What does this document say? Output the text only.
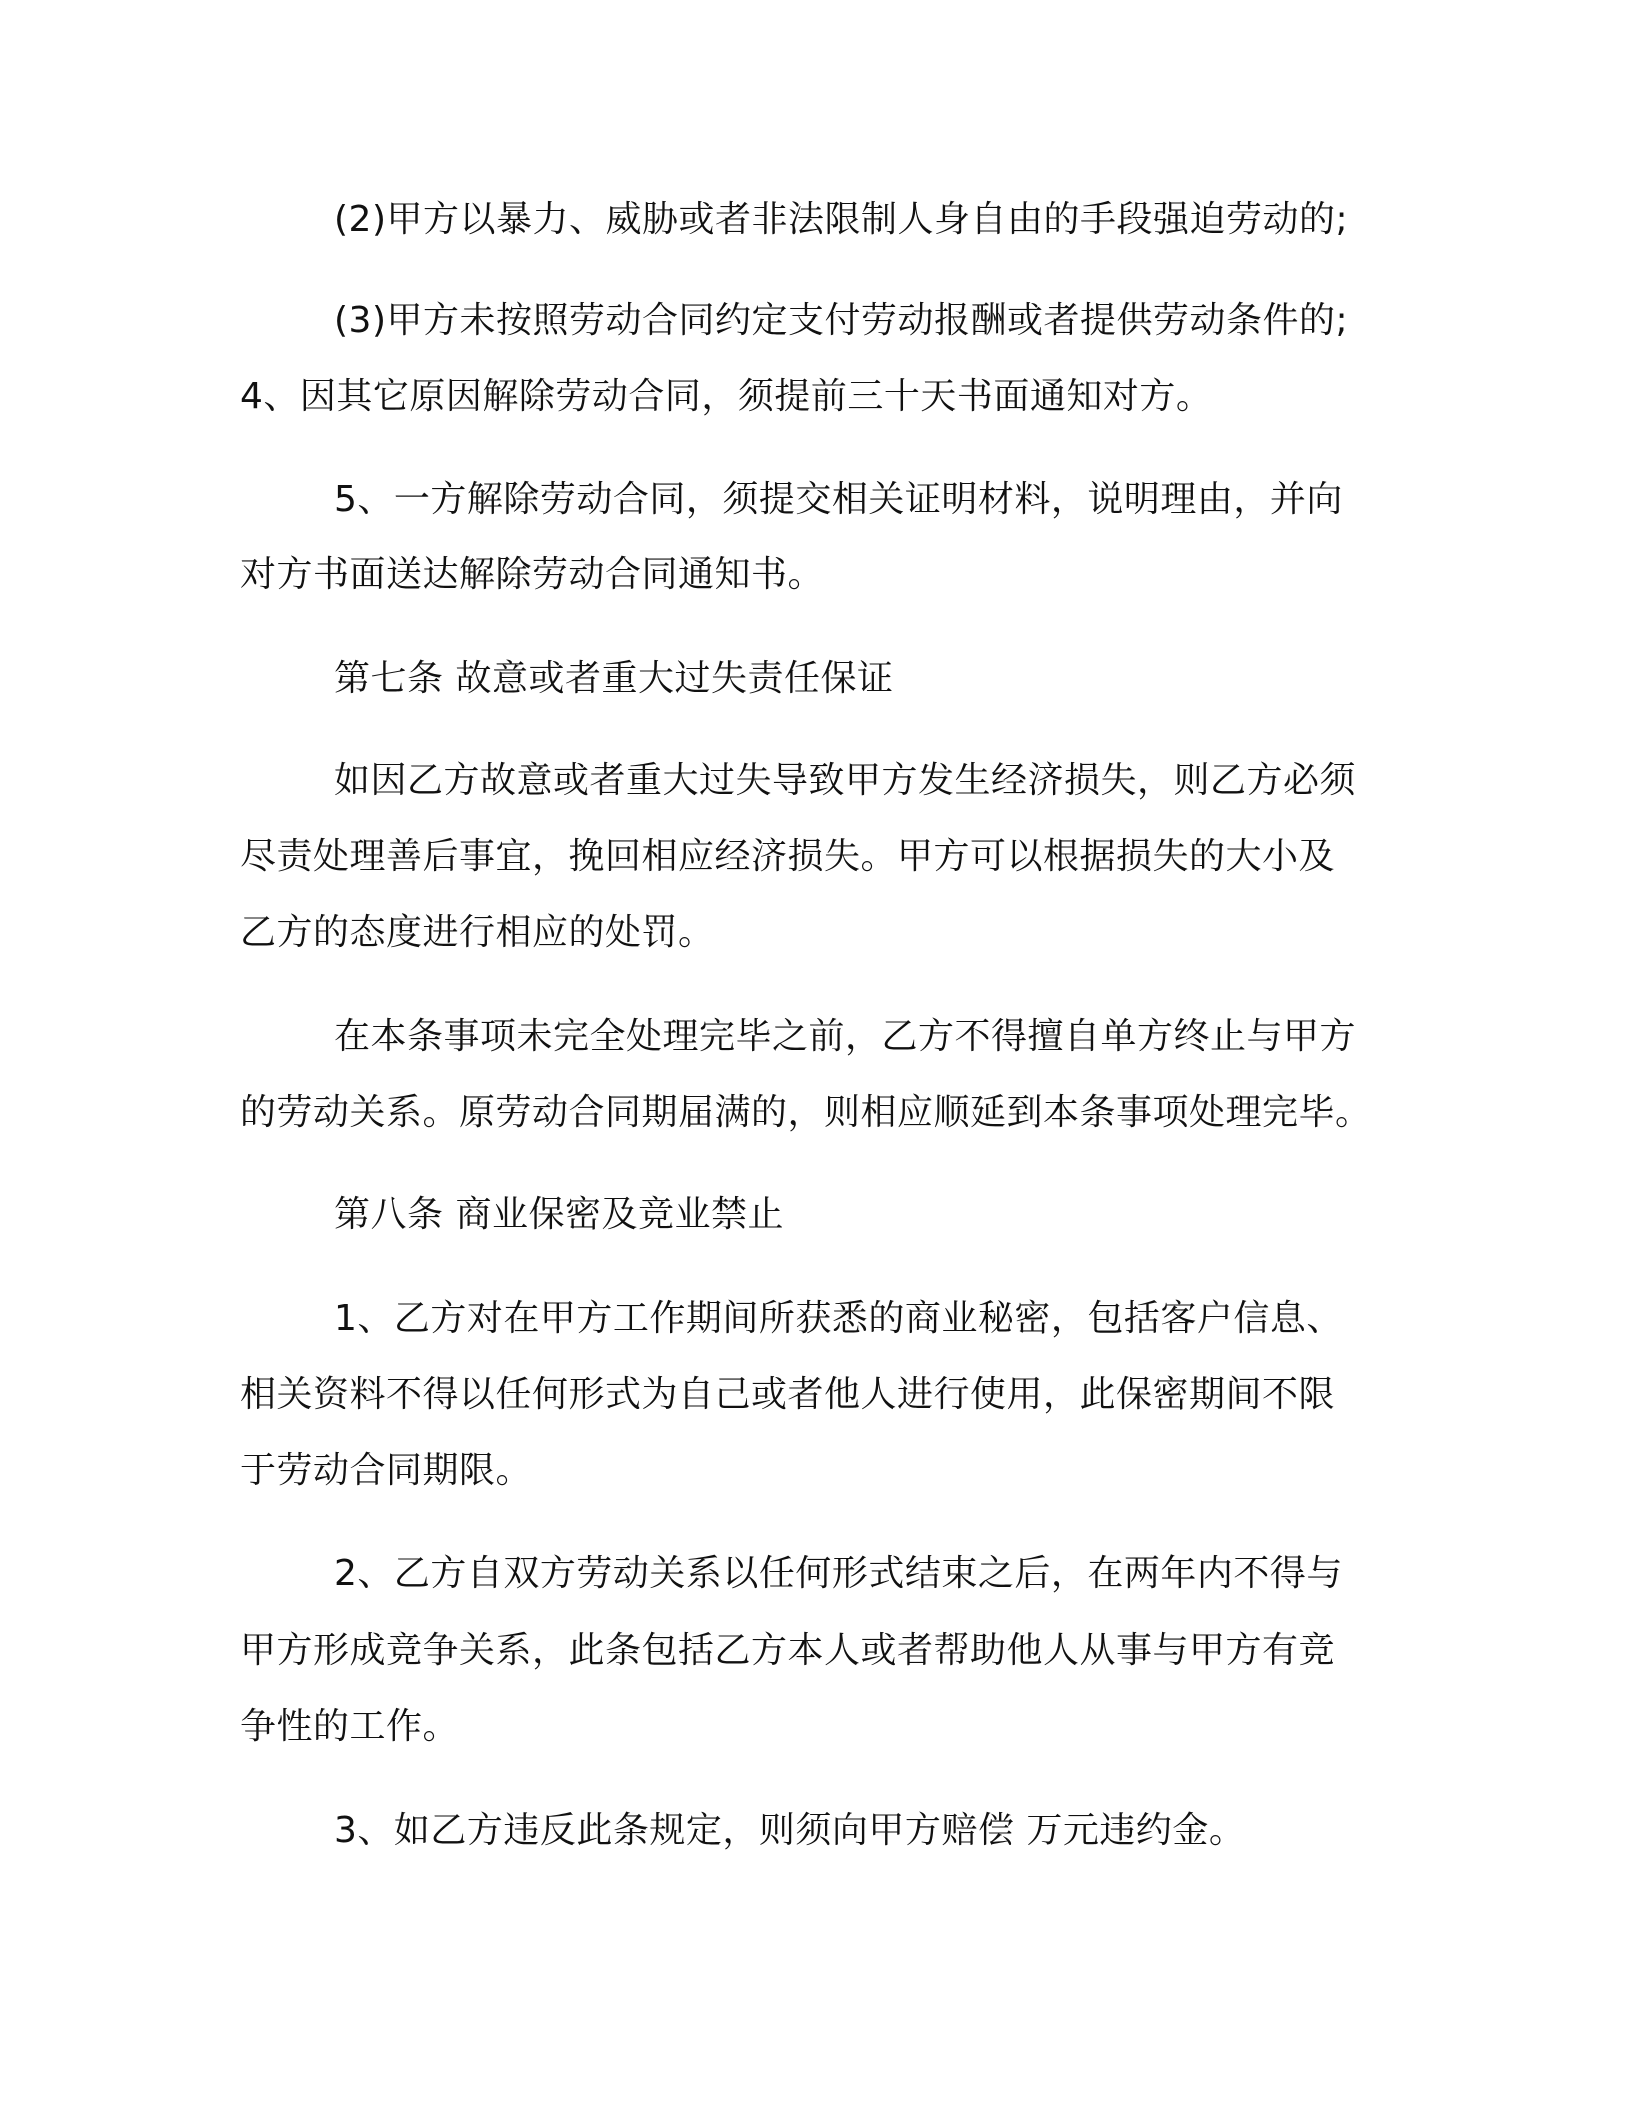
(2)甲方以暴力、威胁或者非法限制人身自由的手段强迫劳动的;
(3)甲方未按照劳动合同约定支付劳动报酬或者提供劳动条件的;
4、因其它原因解除劳动合同，须提前三十天书面通知对方。
5、一方解除劳动合同，须提交相关证明材料，说明理由，并向
对方书面送达解除劳动合同通知书。
第七条 故意或者重大过失责任保证
如因乙方故意或者重大过失导致甲方发生经济损失，则乙方必须
尽责处理善后事宜，挽回相应经济损失。甲方可以根据损失的大小及
乙方的态度进行相应的处罚。
在本条事项未完全处理完毕之前，乙方不得擅自单方终止与甲方
的劳动关系。原劳动合同期届满的，则相应顺延到本条事项处理完毕。
第八条 商业保密及竞业禁止
1、乙方对在甲方工作期间所获悉的商业秘密，包括客户信息、
相关资料不得以任何形式为自己或者他人进行使用，此保密期间不限
于劳动合同期限。
2、乙方自双方劳动关系以任何形式结束之后，在两年内不得与
甲方形成竞争关系，此条包括乙方本人或者帮助他人从事与甲方有竞
争性的工作。
3、如乙方违反此条规定，则须向甲方赔偿 万元违约金。
